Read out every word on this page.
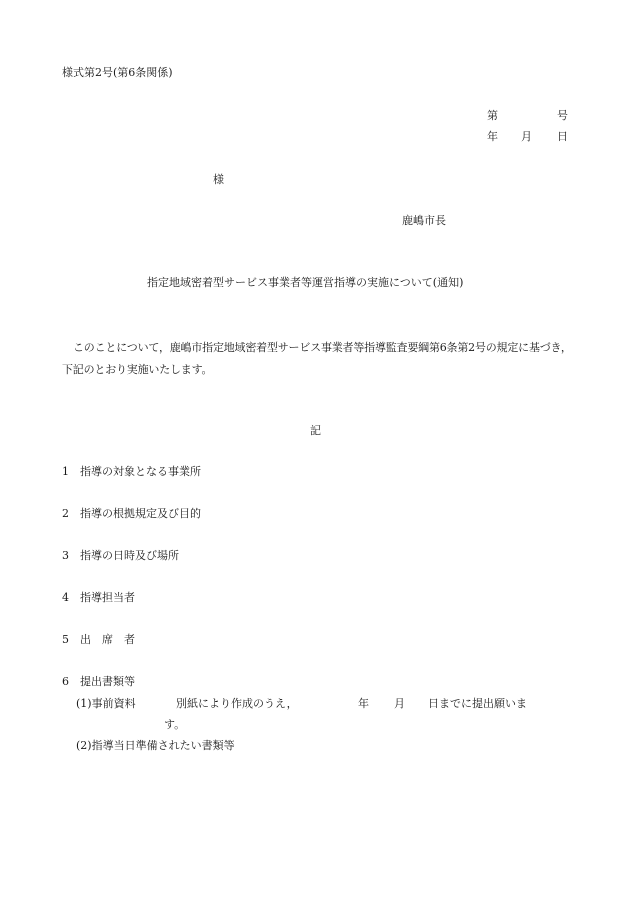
様式第2号(第6条関係)
第	号
年 月 日
様
鹿嶋市長
指定地域密着型サービス事業者等運営指導の実施について(通知)
このことについて，鹿嶋市指定地域密着型サービス事業者等指導監査要綱第6条第2号の規定に基づき，下記のとおり実施いたします。
記
1 指導の対象となる事業所
2 指導の根拠規定及び目的
3 指導の日時及び場所
4 指導担当者
5 出　席　者
6 提出書類等
(1)事前資料	別紙により作成のうえ，	年 月 日までに提出願いま
す。
(2)指導当日準備されたい書類等
